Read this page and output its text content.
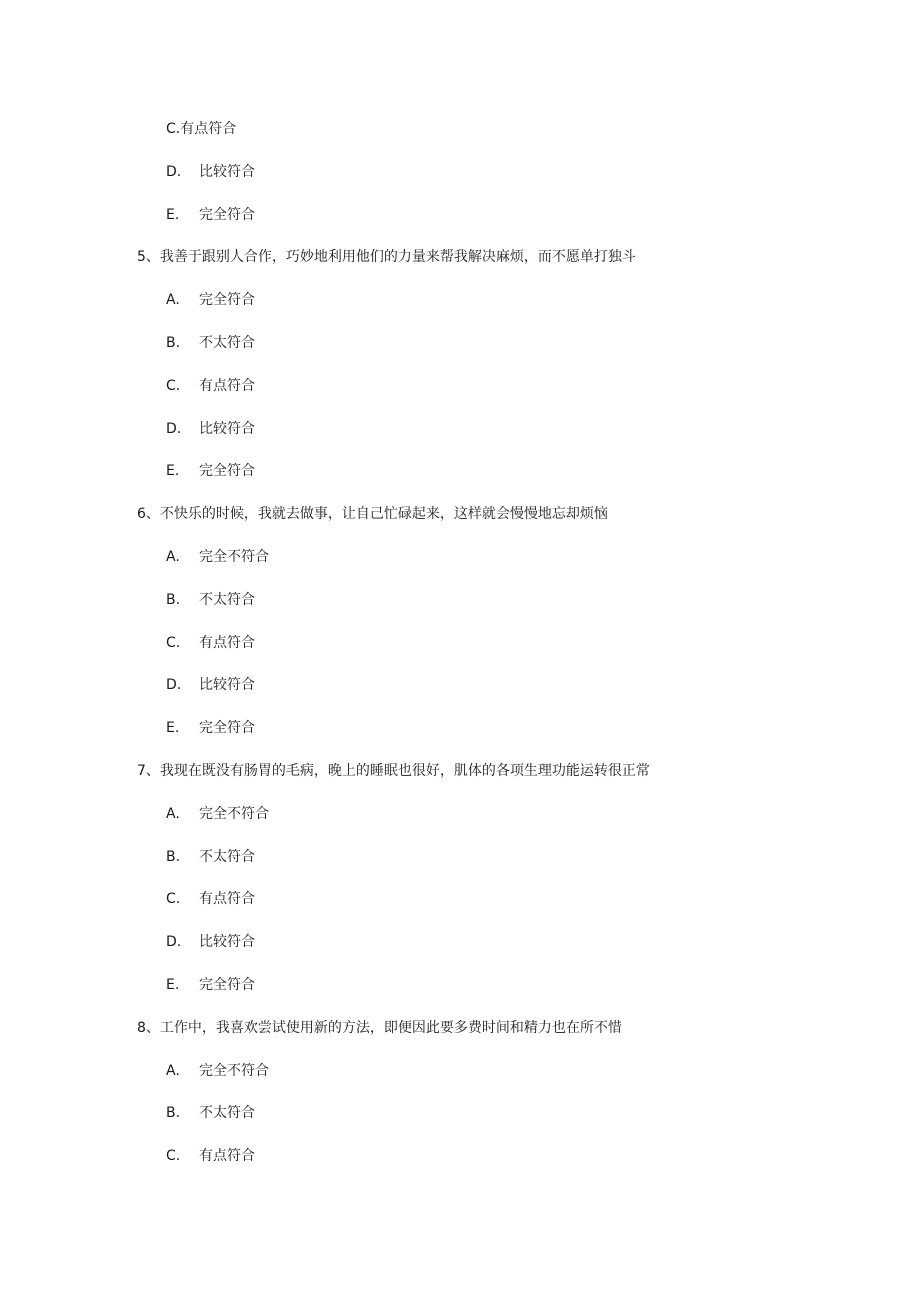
C.有点符合
D. 比较符合
E. 完全符合
5、我善于跟别人合作，巧妙地利用他们的力量来帮我解决麻烦，而不愿单打独斗
A. 完全符合
B. 不太符合
C. 有点符合
D. 比较符合
E. 完全符合
6、不快乐的时候，我就去做事，让自己忙碌起来，这样就会慢慢地忘却烦恼
A. 完全不符合
B. 不太符合
C. 有点符合
D. 比较符合
E. 完全符合
7、我现在既没有肠胃的毛病，晚上的睡眠也很好，肌体的各项生理功能运转很正常
A. 完全不符合
B. 不太符合
C. 有点符合
D. 比较符合
E. 完全符合
8、工作中，我喜欢尝试使用新的方法，即便因此要多费时间和精力也在所不惜
A. 完全不符合
B. 不太符合
C. 有点符合
